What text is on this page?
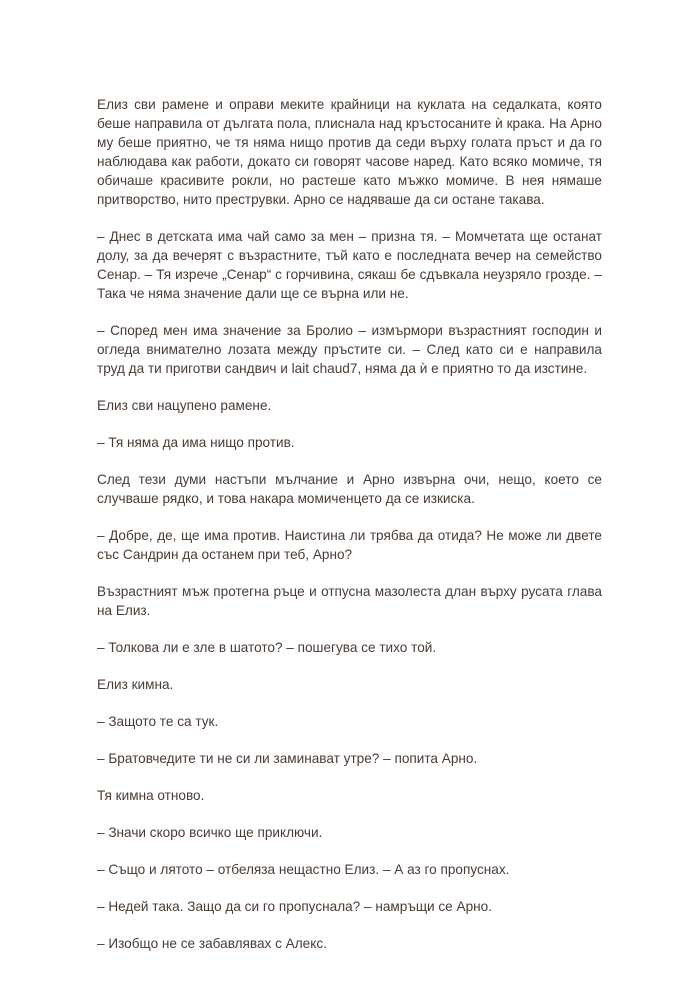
Елиз сви рамене и оправи меките крайници на куклата на седалката, която беше направила от дългата пола, плиснала над кръстосаните ѝ крака. На Арно му беше приятно, че тя няма нищо против да седи върху голата пръст и да го наблюдава как работи, докато си говорят часове наред. Като всяко момиче, тя обичаше красивите рокли, но растеше като мъжко момиче. В нея нямаше притворство, нито преструвки. Арно се надяваше да си остане такава.

– Днес в детската има чай само за мен – призна тя. – Момчетата ще останат долу, за да вечерят с възрастните, тъй като е последната вечер на семейство Сенар. – Тя изрече „Сенар“ с горчивина, сякаш бе сдъвкала неузряло грозде. – Така че няма значение дали ще се върна или не.

– Според мен има значение за Бролио – измърмори възрастният господин и огледа внимателно лозата между пръстите си. – След като си е направила труд да ти приготви сандвич и lait chaud7, няма да ѝ е приятно то да изстине.

Елиз сви нацупено рамене.

– Тя няма да има нищо против.

След тези думи настъпи мълчание и Арно извърна очи, нещо, което се случваше рядко, и това накара момиченцето да се изкиска.

– Добре, де, ще има против. Наистина ли трябва да отида? Не може ли двете със Сандрин да останем при теб, Арно?

Възрастният мъж протегна ръце и отпусна мазолеста длан върху русата глава на Елиз.

– Толкова ли е зле в шатото? – пошегува се тихо той.

Елиз кимна.

– Защото те са тук.

– Братовчедите ти не си ли заминават утре? – попита Арно.

Тя кимна отново.

– Значи скоро всичко ще приключи.

– Също и лятото – отбеляза нещастно Елиз. – А аз го пропуснах.

– Недей така. Защо да си го пропуснала? – намръщи се Арно.

– Изобщо не се забавлявах с Алекс.
